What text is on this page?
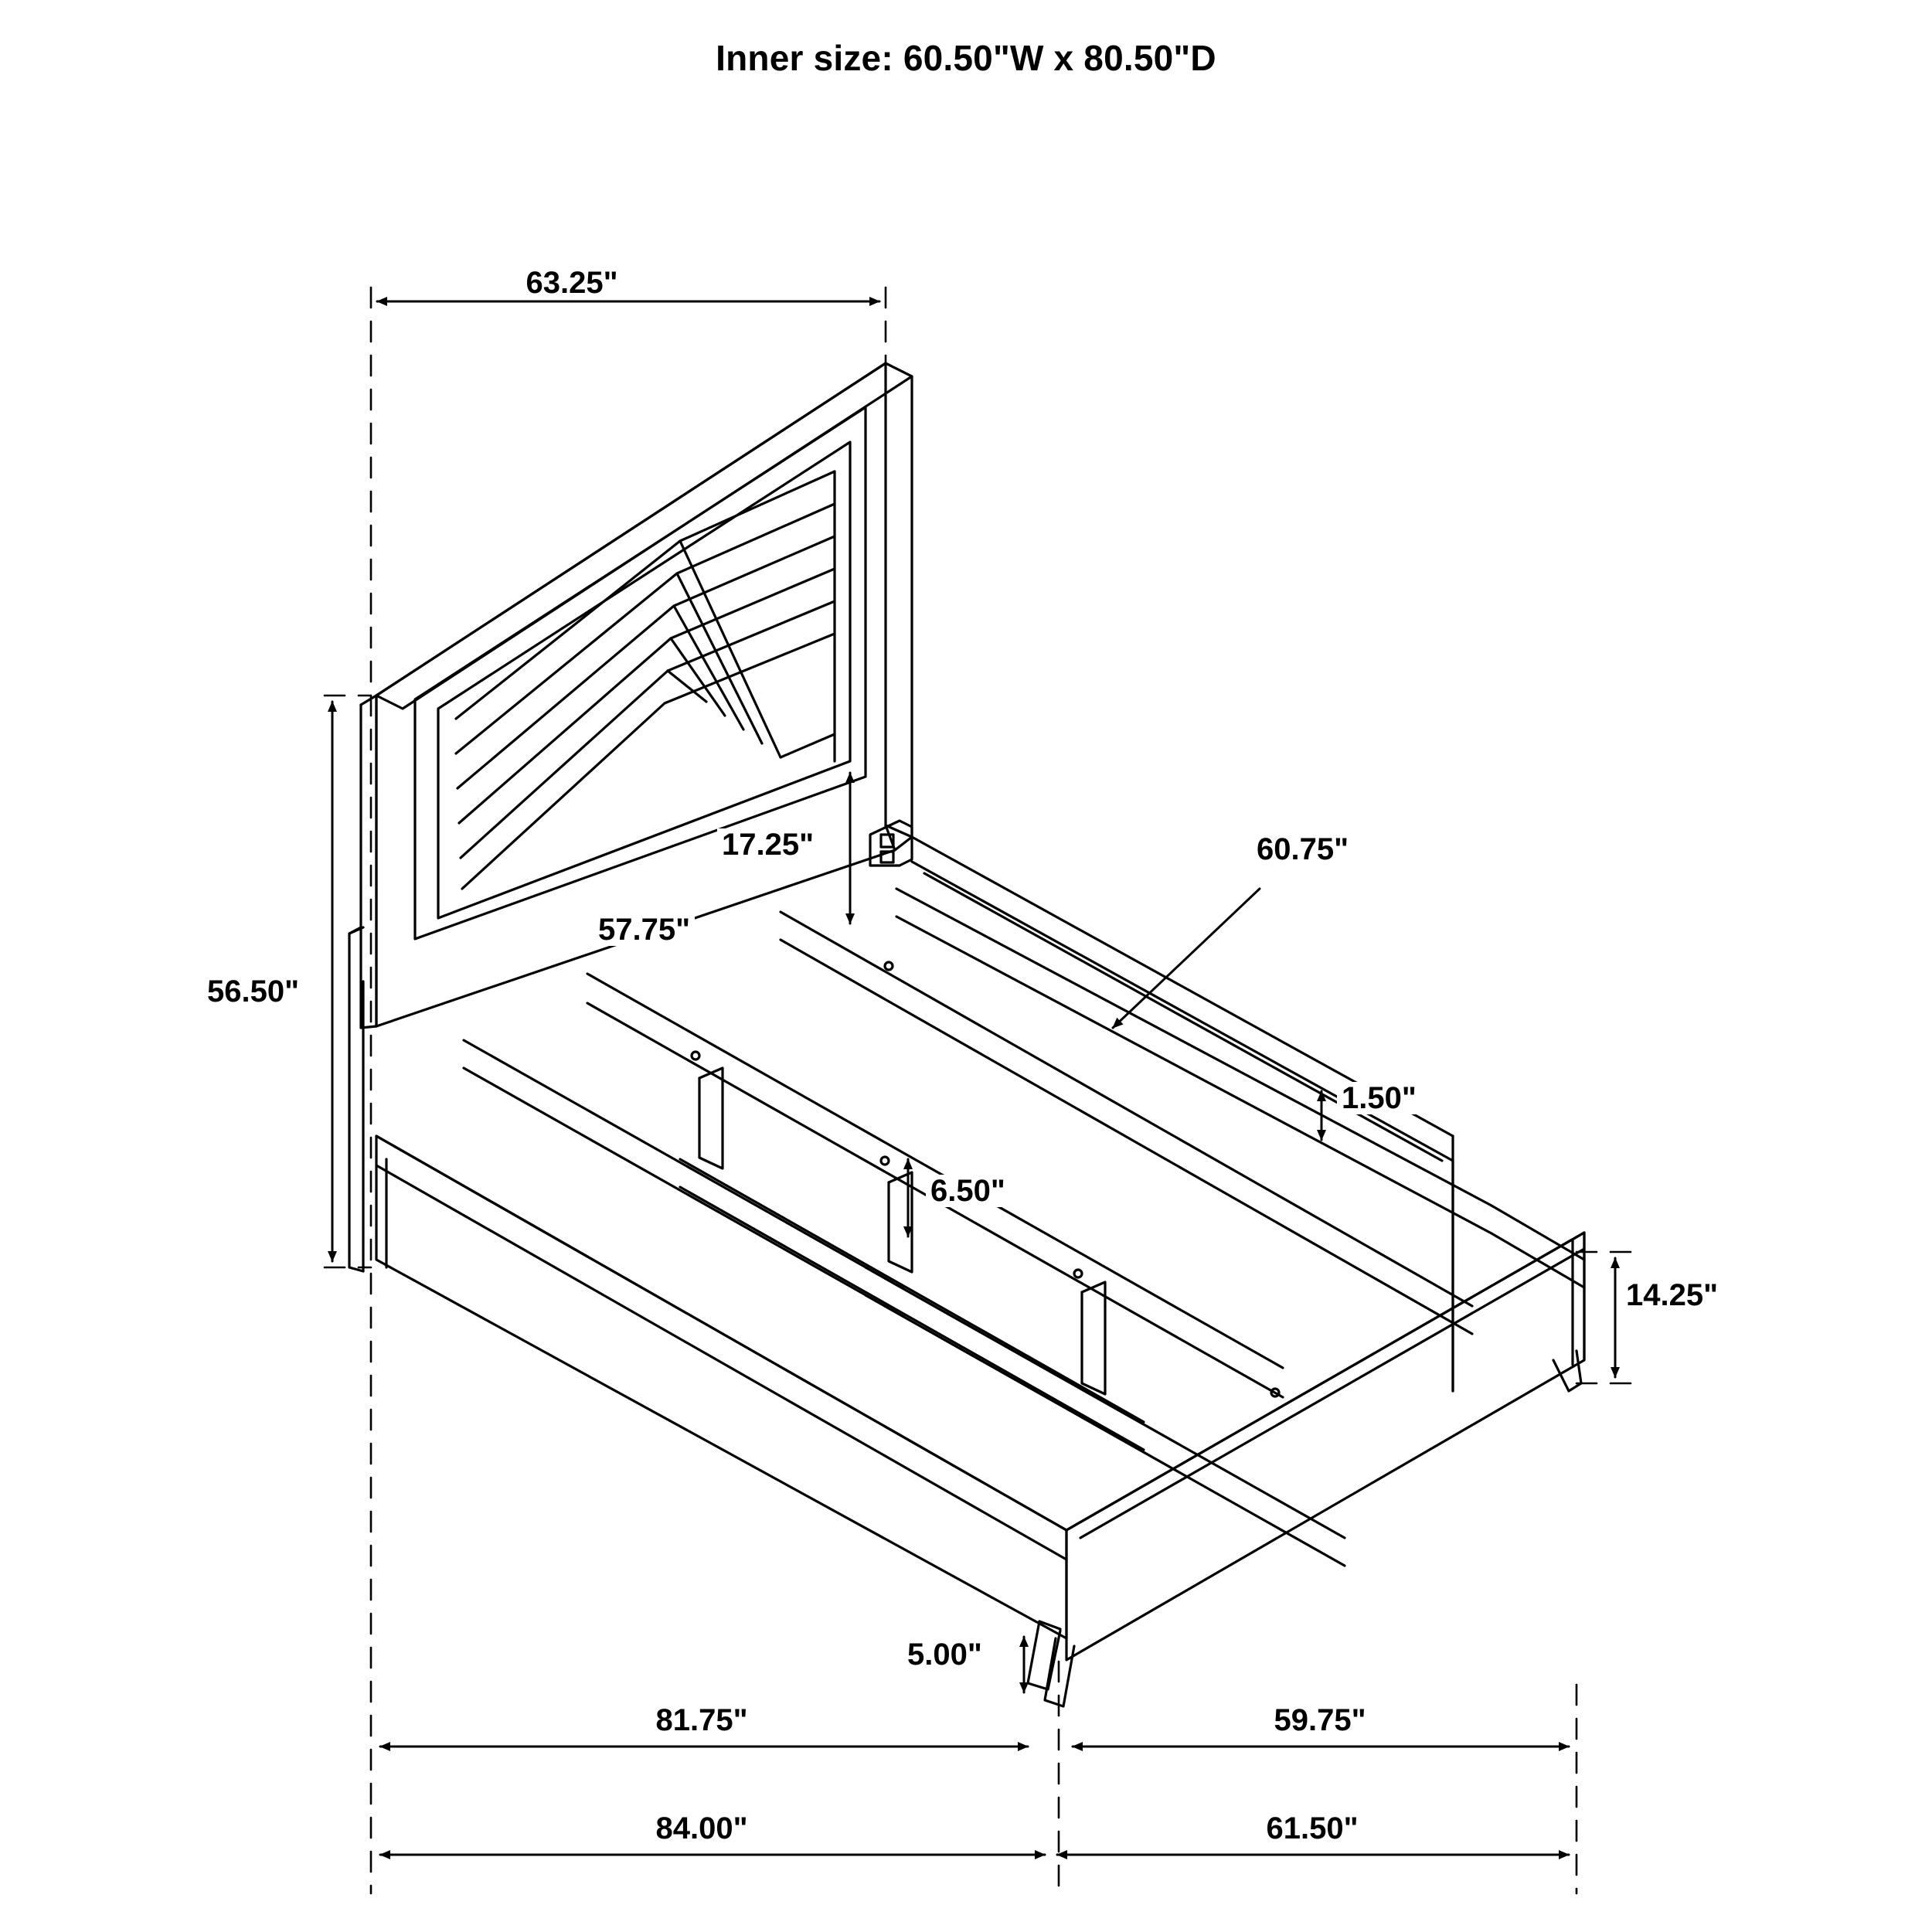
Inner size: 60.50"W x 80.50"D
63.25"
56.50"
17.25"
57.75"
60.75"
1.50"
6.50"
14.25"
5.00"
81.75"	59.75"
84.00"	61.50"
